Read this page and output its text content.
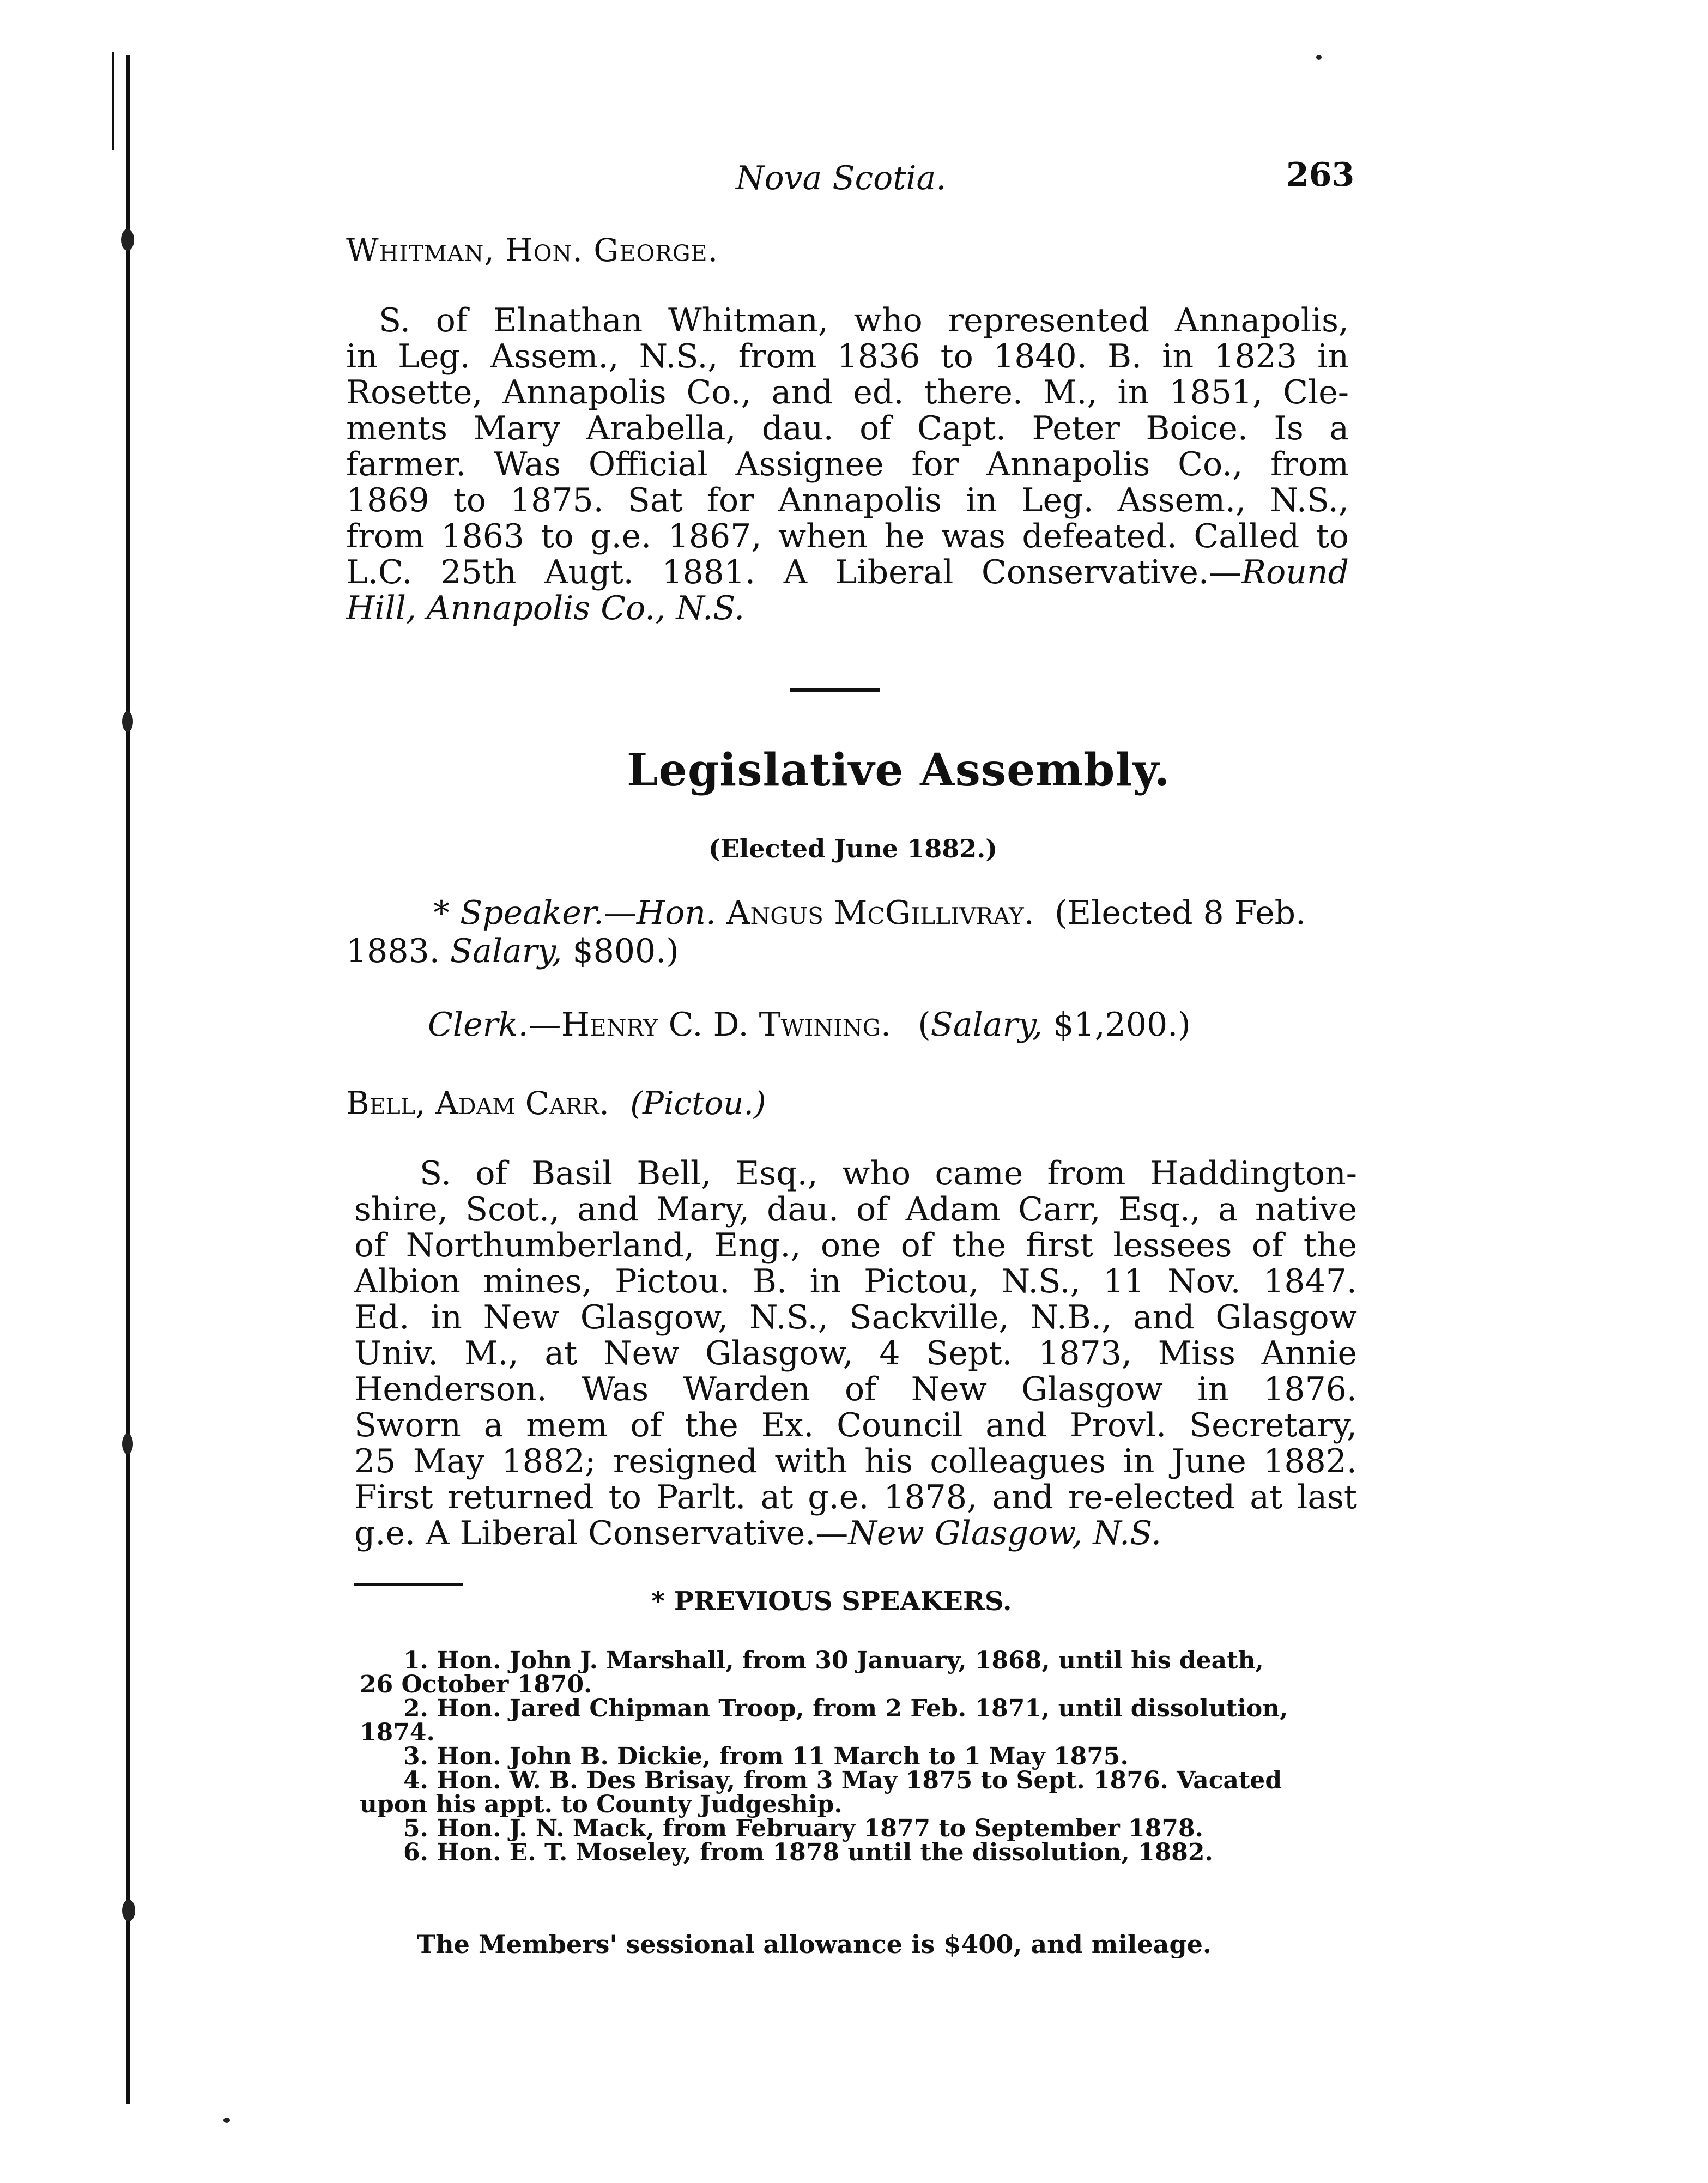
Nova Scotia.	263
Whitman, Hon. George.
S. of Elnathan Whitman, who represented Annapolis,
in Leg. Assem., N.S., from 1836 to 1840. B. in 1823 in
Rosette, Annapolis Co., and ed. there. M., in 1851, Cle-
ments Mary Arabella, dau. of Capt. Peter Boice. Is a
farmer. Was Official Assignee for Annapolis Co., from
1869 to 1875. Sat for Annapolis in Leg. Assem., N.S.,
from 1863 to g.e. 1867, when he was defeated. Called to
L.C. 25th Augt. 1881. A Liberal Conservative.—Round
Hill, Annapolis Co., N.S.
Legislative Assembly.
(Elected June 1882.)
* Speaker.—Hon. Angus McGillivray. (Elected 8 Feb.
1883. Salary, $800.)
Clerk.—Henry C. D. Twining. (Salary, $1,200.)
Bell, Adam Carr. (Pictou.)
S. of Basil Bell, Esq., who came from Haddington-
shire, Scot., and Mary, dau. of Adam Carr, Esq., a native
of Northumberland, Eng., one of the first lessees of the
Albion mines, Pictou. B. in Pictou, N.S., 11 Nov. 1847.
Ed. in New Glasgow, N.S., Sackville, N.B., and Glasgow
Univ. M., at New Glasgow, 4 Sept. 1873, Miss Annie
Henderson. Was Warden of New Glasgow in 1876.
Sworn a mem of the Ex. Council and Provl. Secretary,
25 May 1882; resigned with his colleagues in June 1882.
First returned to Parlt. at g.e. 1878, and re-elected at last
g.e. A Liberal Conservative.—New Glasgow, N.S.
* PREVIOUS SPEAKERS.
1. Hon. John J. Marshall, from 30 January, 1868, until his death,
26 October 1870.
2. Hon. Jared Chipman Troop, from 2 Feb. 1871, until dissolution,
1874.
3. Hon. John B. Dickie, from 11 March to 1 May 1875.
4. Hon. W. B. Des Brisay, from 3 May 1875 to Sept. 1876. Vacated
upon his appt. to County Judgeship.
5. Hon. J. N. Mack, from February 1877 to September 1878.
6. Hon. E. T. Moseley, from 1878 until the dissolution, 1882.
The Members' sessional allowance is $400, and mileage.
